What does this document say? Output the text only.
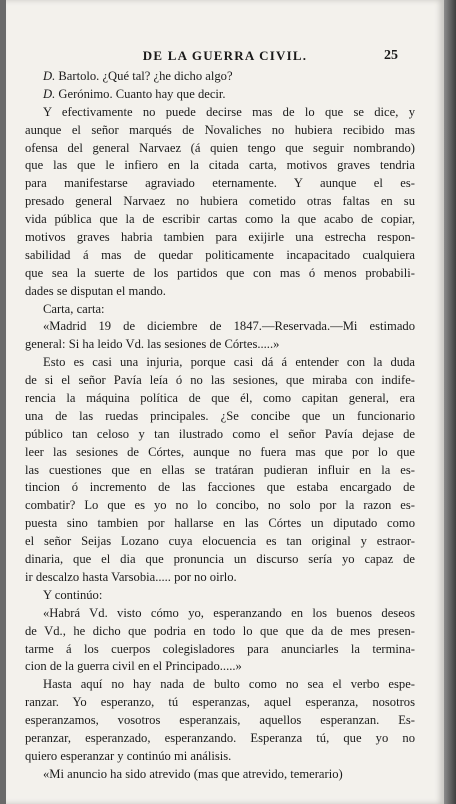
DE LA GUERRA CIVIL.	25
D. Bartolo. ¿Qué tal? ¿he dicho algo?
D. Gerónimo. Cuanto hay que decir.
Y efectivamente no puede decirse mas de lo que se dice, y
aunque el señor marqués de Novaliches no hubiera recibido mas
ofensa del general Narvaez (á quien tengo que seguir nombrando)
que las que le infiero en la citada carta, motivos graves tendria
para manifestarse agraviado eternamente. Y aunque el es-
presado general Narvaez no hubiera cometido otras faltas en su
vida pública que la de escribir cartas como la que acabo de copiar,
motivos graves habria tambien para exijirle una estrecha respon-
sabilidad á mas de quedar politicamente incapacitado cualquiera
que sea la suerte de los partidos que con mas ó menos probabili-
dades se disputan el mando.
Carta, carta:
«Madrid 19 de diciembre de 1847.—Reservada.—Mi estimado
general: Si ha leido Vd. las sesiones de Córtes.....»
Esto es casi una injuria, porque casi dá á entender con la duda
de si el señor Pavía leía ó no las sesiones, que miraba con indife-
rencia la máquina política de que él, como capitan general, era
una de las ruedas principales. ¿Se concibe que un funcionario
público tan celoso y tan ilustrado como el señor Pavía dejase de
leer las sesiones de Córtes, aunque no fuera mas que por lo que
las cuestiones que en ellas se tratáran pudieran influir en la es-
tincion ó incremento de las facciones que estaba encargado de
combatir? Lo que es yo no lo concibo, no solo por la razon es-
puesta sino tambien por hallarse en las Córtes un diputado como
el señor Seijas Lozano cuya elocuencia es tan original y estraor-
dinaria, que el dia que pronuncia un discurso sería yo capaz de
ir descalzo hasta Varsobia..... por no oirlo.
Y continúo:
«Habrá Vd. visto cómo yo, esperanzando en los buenos deseos
de Vd., he dicho que podria en todo lo que que da de mes presen-
tarme á los cuerpos colegisladores para anunciarles la termina-
cion de la guerra civil en el Principado.....»
Hasta aquí no hay nada de bulto como no sea el verbo espe-
ranzar. Yo esperanzo, tú esperanzas, aquel esperanza, nosotros
esperanzamos, vosotros esperanzais, aquellos esperanzan. Es-
peranzar, esperanzado, esperanzando. Esperanza tú, que yo no
quiero esperanzar y continúo mi análisis.
«Mi anuncio ha sido atrevido (mas que atrevido, temerario)
